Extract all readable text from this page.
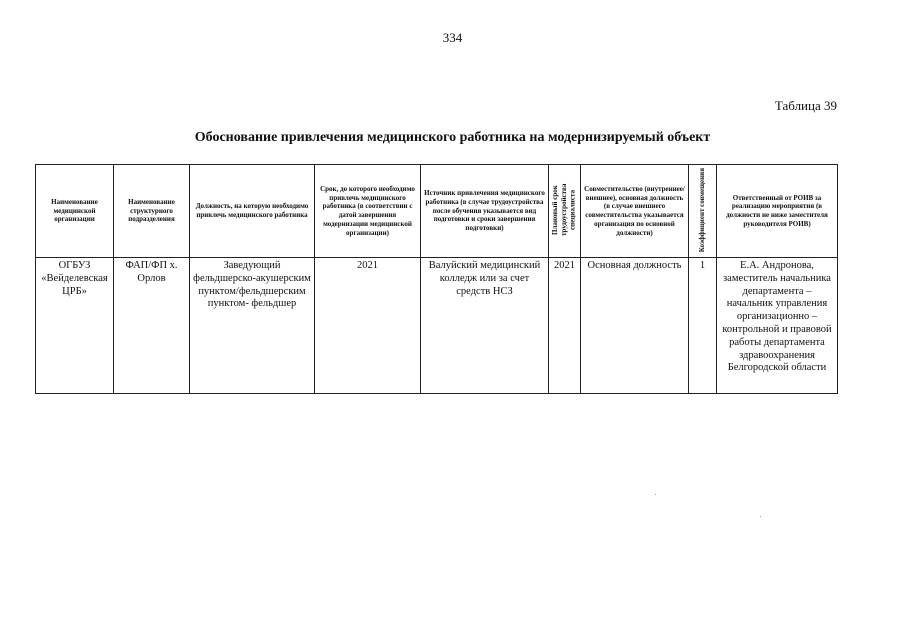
334
Таблица 39
Обоснование привлечения медицинского работника на модернизируемый объект
Наименование медицинской организации	Наименование структурного подразделения	Должность, на которую необходимо привлечь медицинского работника	Срок, до которого необходимо привлечь медицинского работника (в соответствии с датой завершения модернизации медицинской организации)	Источник привлечения медицинского работника (в случае трудоустройства после обучения указывается вид подготовки и сроки завершения подготовки)	Плановый срок трудоустройства специалиста	Совместительство (внутреннее/ внешнее), основная должность (в случае внешнего совместительства указывается организация по основной должности)	Коэффициент совмещения	Ответственный от РОИВ за реализацию мероприятия (в должности не ниже заместителя руководителя РОИВ)
ОГБУЗ «Вейделевская ЦРБ»	ФАП/ФП х. Орлов	Заведующий фельдшерско-акушерским пунктом/фельдшерским пунктом- фельдшер	2021	Валуйский медицинский колледж или за счет средств НСЗ	2021	Основная должность	1	Е.А. Андронова, заместитель начальника департамента – начальник управления организационно – контрольной и правовой работы департамента здравоохранения Белгородской области
